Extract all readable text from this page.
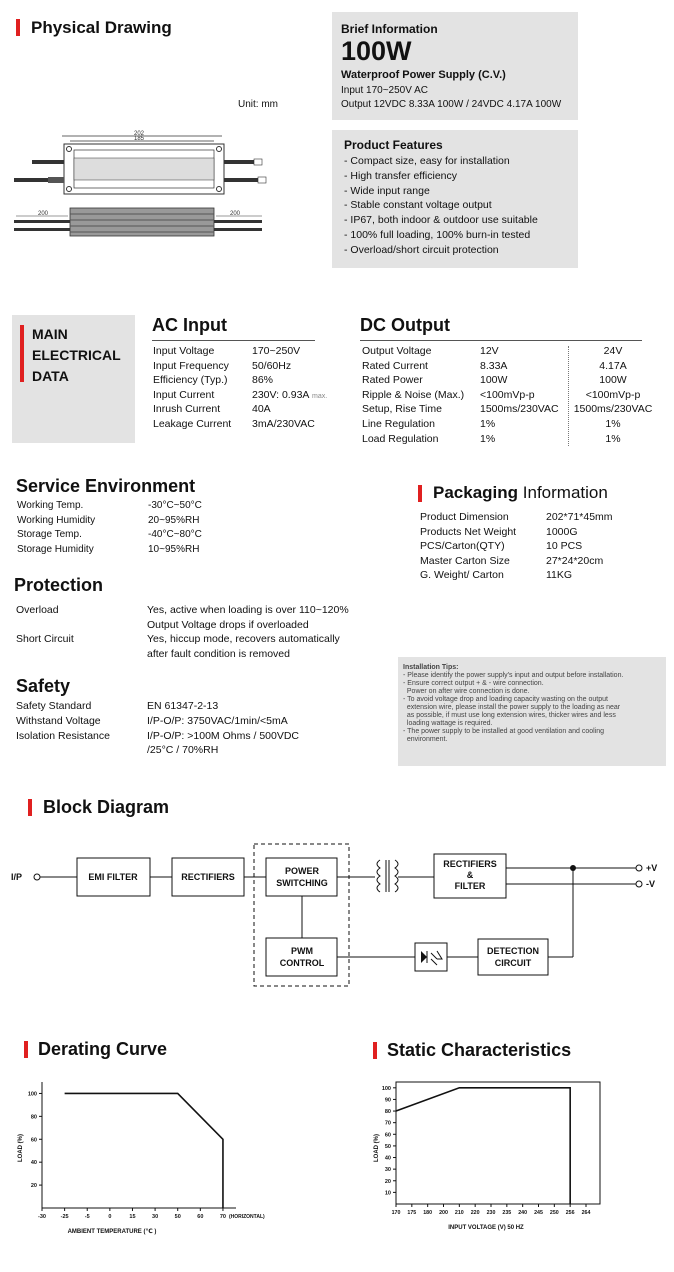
Physical Drawing
Unit: mm
202
185
200	200
Brief Information
100W
Waterproof Power Supply (C.V.)
Input 170~250V AC
Output 12VDC 8.33A 100W / 24VDC 4.17A 100W
Product Features
- Compact size, easy for installation
- High transfer efficiency
- Wide input range
- Stable constant voltage output
- IP67, both indoor & outdoor use suitable
- 100% full loading, 100% burn-in tested
- Overload/short circuit protection
MAIN
ELECTRICAL
DATA
AC Input
Input Voltage	170~250V
Input Frequency 50/60Hz
Efficiency (Typ.) 86%
Input Current	230V: 0.93A
Inrush Current	40A
Leakage Current 3mA/230VAC
max.
DC Output
Output Voltage	12V	24V
Rated Current	8.33A	4.17A
Rated Power	100W	100W
Ripple & Noise (Max.) <100mVp-p	<100mVp-p
Setup, Rise Time	1500ms/230VAC	1500ms/230VAC
Line Regulation	1%	1%
Load Regulation	1%	1%
Service Environment
Working Temp.	-30°C~50°C
Working Humidity	20~95%RH
Storage Temp.	-40°C~80°C
Storage Humidity	10~95%RH
Packaging Information
Product Dimension	202*71*45mm
Products Net Weight	1000G
PCS/Carton(QTY)	10 PCS
Master Carton Size	27*24*20cm
G. Weight/ Carton	11KG
Protection
Overload	Yes, active when loading is over 110~120%
Output Voltage drops if overloaded
Short Circuit	Yes, hiccup mode, recovers automatically
after fault condition is removed
Safety
Safety Standard	EN 61347-2-13
Withstand Voltage	I/P-O/P: 3750VAC/1min/<5mA
Isolation Resistance	I/P-O/P: >100M Ohms / 500VDC
/25°C / 70%RH
Installation Tips:
- Please identify the power supply's input and output before installation.
- Ensure correct output + & - wire connection.
Power on after wire connection is done.
- To avoid voltage drop and loading capacity wasting on the output
extension wire, please install the power supply to the loading as near
as possible, if must use long extension wires, thicker wires and less
loading wattage is required.
- The power supply to be installed at good ventilation and cooling
environment.
Block Diagram
I/P	EMI FILTER	RECTIFIERS
POWER
SWITCHING
PWM
CONTROL
RECTIFIERS
&
FILTER
+V
-V
DETECTION
CIRCUIT
Derating Curve
20
40
60
80
100
-30	-25	-5	0	15	30	50	60	70 (HORIZONTAL)
AMBIENT TEMPERATURE (℃ )
LOAD (%)
Static Characteristics
10
20
30
40
50
60
70
80
90
100
170 175 180 200 210 220 230 235 240 245 250 256 264
INPUT VOLTAGE (V) 50 HZ
LOAD (%)
